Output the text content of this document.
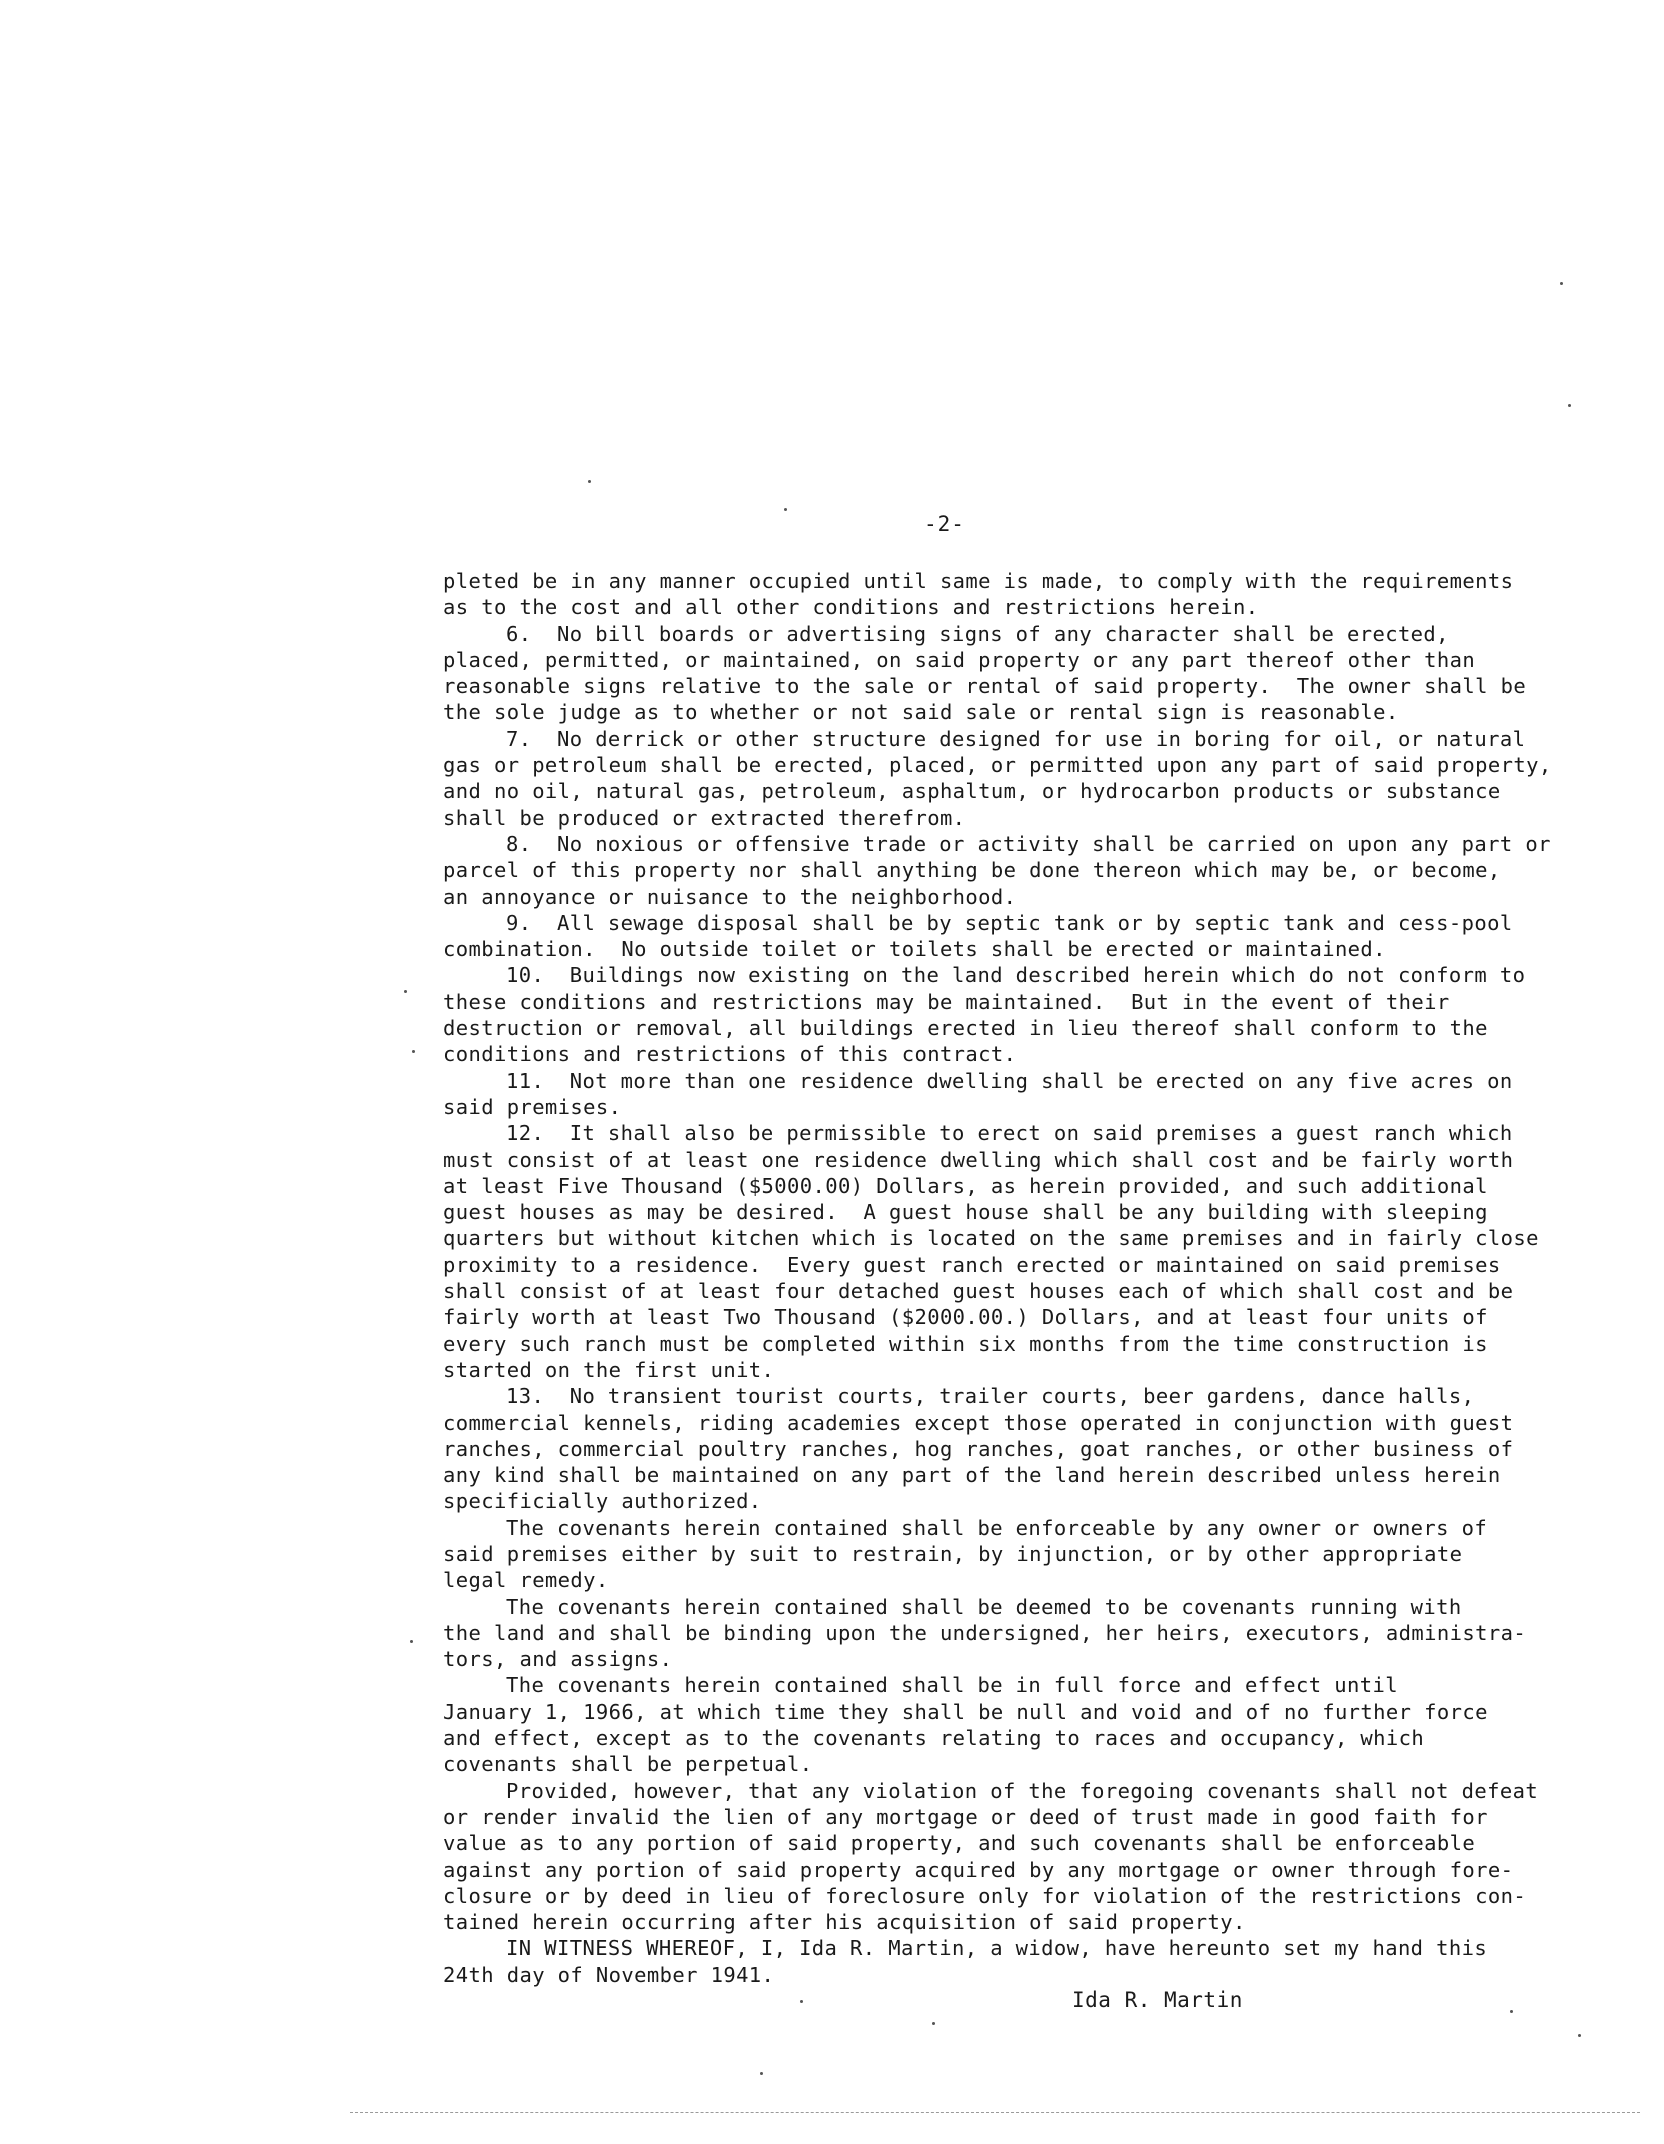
-2-
pleted be in any manner occupied until same is made, to comply with the requirements
as to the cost and all other conditions and restrictions herein.
6.  No bill boards or advertising signs of any character shall be erected,
placed, permitted, or maintained, on said property or any part thereof other than
reasonable signs relative to the sale or rental of said property.  The owner shall be
the sole judge as to whether or not said sale or rental sign is reasonable.
7.  No derrick or other structure designed for use in boring for oil, or natural
gas or petroleum shall be erected, placed, or permitted upon any part of said property,
and no oil, natural gas, petroleum, asphaltum, or hydrocarbon products or substance
shall be produced or extracted therefrom.
8.  No noxious or offensive trade or activity shall be carried on upon any part or
parcel of this property nor shall anything be done thereon which may be, or become,
an annoyance or nuisance to the neighborhood.
9.  All sewage disposal shall be by septic tank or by septic tank and cess-pool
combination.  No outside toilet or toilets shall be erected or maintained.
10.  Buildings now existing on the land described herein which do not conform to
these conditions and restrictions may be maintained.  But in the event of their
destruction or removal, all buildings erected in lieu thereof shall conform to the
conditions and restrictions of this contract.
11.  Not more than one residence dwelling shall be erected on any five acres on
said premises.
12.  It shall also be permissible to erect on said premises a guest ranch which
must consist of at least one residence dwelling which shall cost and be fairly worth
at least Five Thousand ($5000.00) Dollars, as herein provided, and such additional
guest houses as may be desired.  A guest house shall be any building with sleeping
quarters but without kitchen which is located on the same premises and in fairly close
proximity to a residence.  Every guest ranch erected or maintained on said premises
shall consist of at least four detached guest houses each of which shall cost and be
fairly worth at least Two Thousand ($2000.00.) Dollars, and at least four units of
every such ranch must be completed within six months from the time construction is
started on the first unit.
13.  No transient tourist courts, trailer courts, beer gardens, dance halls,
commercial kennels, riding academies except those operated in conjunction with guest
ranches, commercial poultry ranches, hog ranches, goat ranches, or other business of
any kind shall be maintained on any part of the land herein described unless herein
specificially authorized.
The covenants herein contained shall be enforceable by any owner or owners of
said premises either by suit to restrain, by injunction, or by other appropriate
legal remedy.
The covenants herein contained shall be deemed to be covenants running with
the land and shall be binding upon the undersigned, her heirs, executors, administra-
tors, and assigns.
The covenants herein contained shall be in full force and effect until
January 1, 1966, at which time they shall be null and void and of no further force
and effect, except as to the covenants relating to races and occupancy, which
covenants shall be perpetual.
Provided, however, that any violation of the foregoing covenants shall not defeat
or render invalid the lien of any mortgage or deed of trust made in good faith for
value as to any portion of said property, and such covenants shall be enforceable
against any portion of said property acquired by any mortgage or owner through fore-
closure or by deed in lieu of foreclosure only for violation of the restrictions con-
tained herein occurring after his acquisition of said property.
IN WITNESS WHEREOF, I, Ida R. Martin, a widow, have hereunto set my hand this
24th day of November 1941.
Ida R. Martin
